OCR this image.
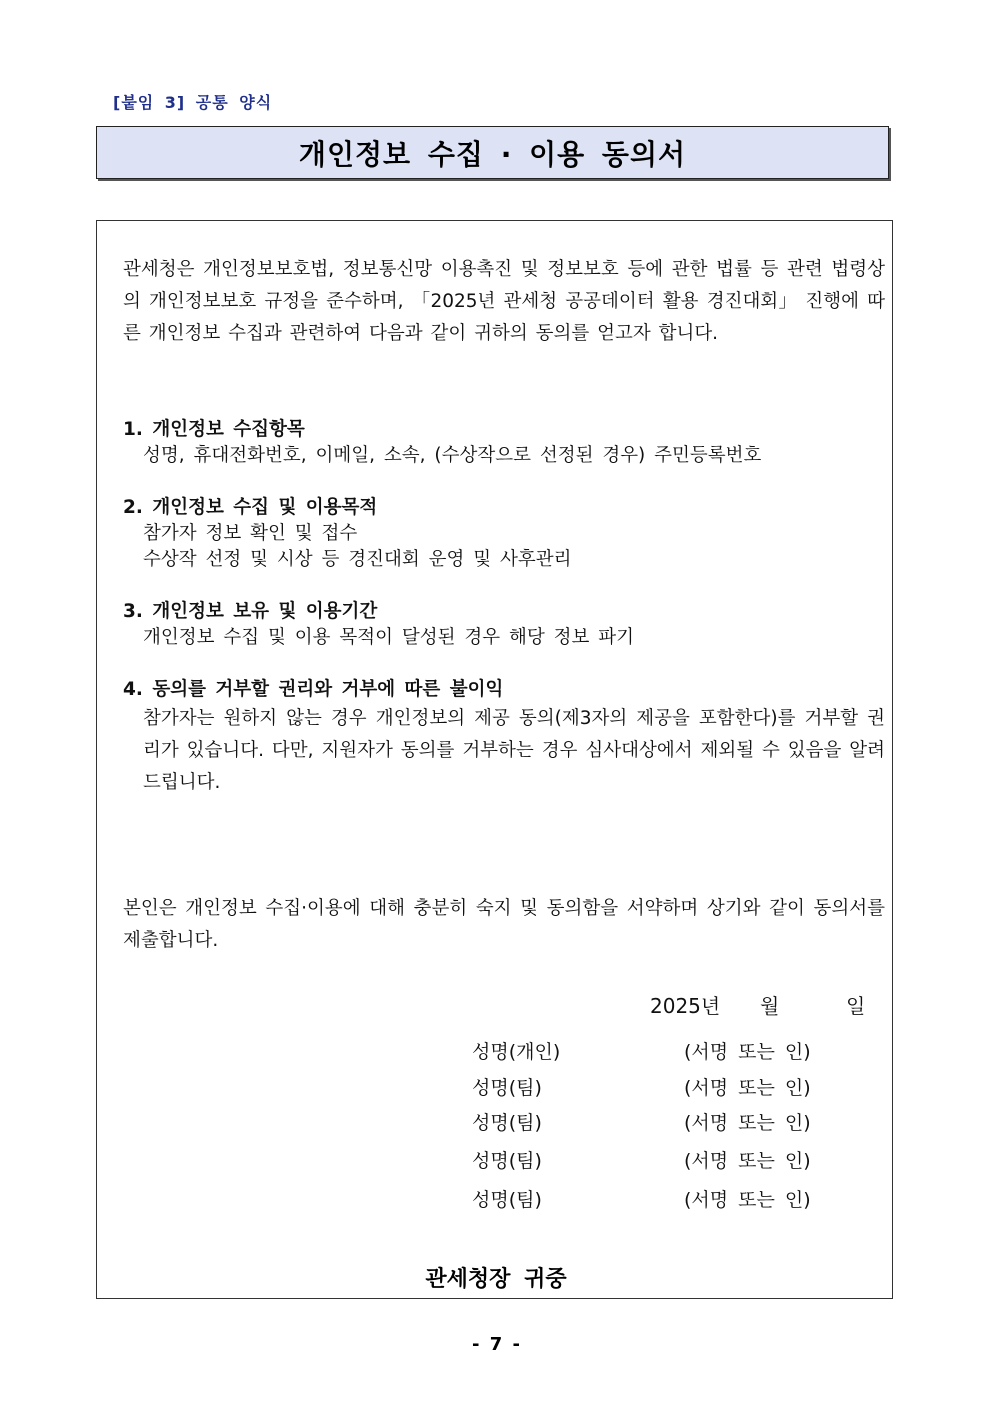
[붙임 3] 공통 양식
개인정보 수집 · 이용 동의서
관세청은 개인정보보호법, 정보통신망 이용촉진 및 정보보호 등에 관한 법률 등 관련 법령상의 개인정보보호 규정을 준수하며, 「2025년 관세청 공공데이터 활용 경진대회」 진행에 따른 개인정보 수집과 관련하여 다음과 같이 귀하의 동의를 얻고자 합니다.
1. 개인정보 수집항목
성명, 휴대전화번호, 이메일, 소속, (수상작으로 선정된 경우) 주민등록번호
2. 개인정보 수집 및 이용목적
참가자 정보 확인 및 접수
수상작 선정 및 시상 등 경진대회 운영 및 사후관리
3. 개인정보 보유 및 이용기간
개인정보 수집 및 이용 목적이 달성된 경우 해당 정보 파기
4. 동의를 거부할 권리와 거부에 따른 불이익
참가자는 원하지 않는 경우 개인정보의 제공 동의(제3자의 제공을 포함한다)를 거부할 권리가 있습니다. 다만, 지원자가 동의를 거부하는 경우 심사대상에서 제외될 수 있음을 알려드립니다.
본인은 개인정보 수집·이용에 대해 충분히 숙지 및 동의함을 서약하며 상기와 같이 동의서를 제출합니다.
2025년 월	일
성명(개인)	(서명 또는 인)
성명(팀)	(서명 또는 인)
성명(팀)	(서명 또는 인)
성명(팀)	(서명 또는 인)
성명(팀)	(서명 또는 인)
관세청장 귀중
- 7 -
